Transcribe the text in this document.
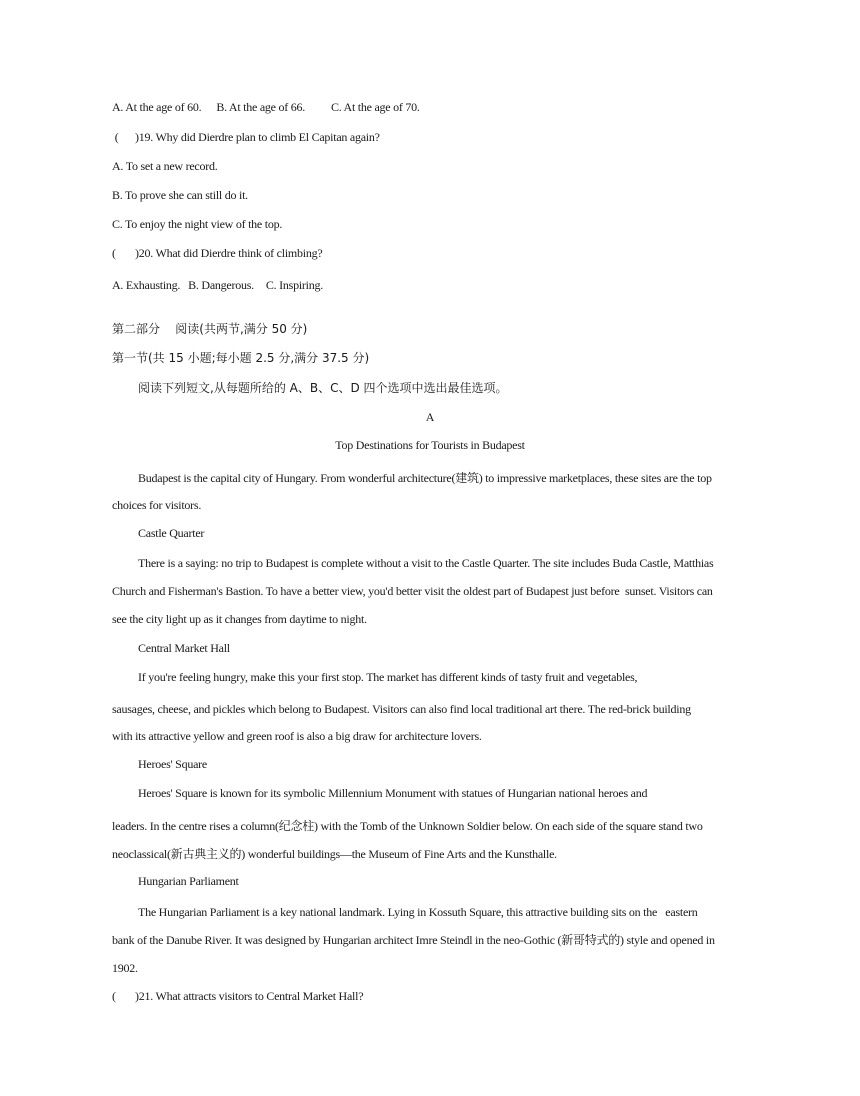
A. At the age of 60. B. At the age of 66. C. At the age of 70.
(      )19. Why did Dierdre plan to climb El Capitan again?
A. To set a new record.
B. To prove she can still do it.
C. To enjoy the night view of the top.
(       )20. What did Dierdre think of climbing?
A. Exhausting. B. Dangerous. C. Inspiring.
第二部分    阅读(共两节,满分 50 分)
第一节(共 15 小题;每小题 2.5 分,满分 37.5 分)
阅读下列短文,从每题所给的 A、B、C、D 四个选项中选出最佳选项。
A
Top Destinations for Tourists in Budapest
Budapest is the capital city of Hungary. From wonderful architecture(建筑) to impressive marketplaces, these sites are the top
choices for visitors.
Castle Quarter
There is a saying: no trip to Budapest is complete without a visit to the Castle Quarter. The site includes Buda Castle, Matthias
Church and Fisherman's Bastion. To have a better view, you'd better visit the oldest part of Budapest just before  sunset. Visitors can
see the city light up as it changes from daytime to night.
Central Market Hall
If you're feeling hungry, make this your first stop. The market has different kinds of tasty fruit and vegetables,
sausages, cheese, and pickles which belong to Budapest. Visitors can also find local traditional art there. The red-brick building
with its attractive yellow and green roof is also a big draw for architecture lovers.
Heroes' Square
Heroes' Square is known for its symbolic Millennium Monument with statues of Hungarian national heroes and
leaders. In the centre rises a column(纪念柱) with the Tomb of the Unknown Soldier below. On each side of the square stand two
neoclassical(新古典主义的) wonderful buildings—the Museum of Fine Arts and the Kunsthalle.
Hungarian Parliament
The Hungarian Parliament is a key national landmark. Lying in Kossuth Square, this attractive building sits on the   eastern
bank of the Danube River. It was designed by Hungarian architect Imre Steindl in the neo-Gothic (新哥特式的) style and opened in
1902.
(       )21. What attracts visitors to Central Market Hall?
